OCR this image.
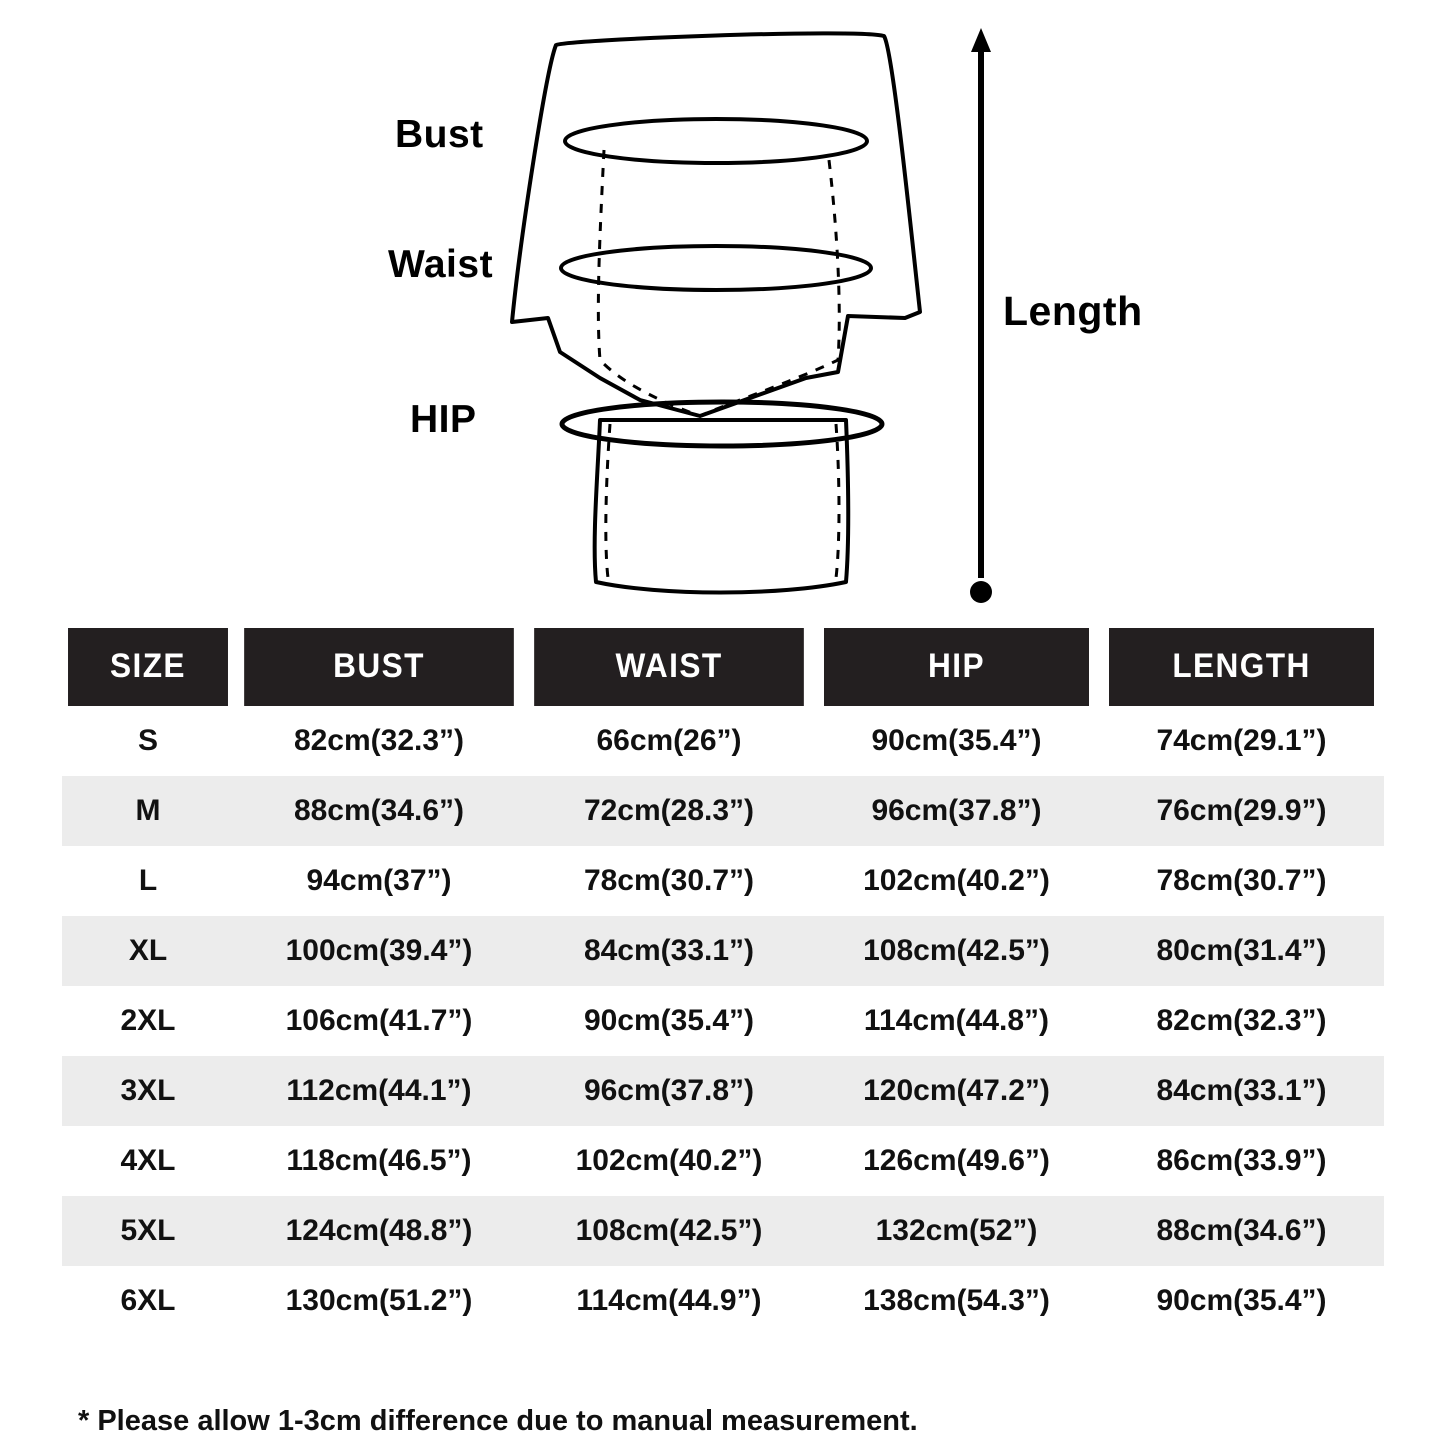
Bust
Waist
HIP
Length
SIZE	BUST	WAIST	HIP	LENGTH
S	82cm(32.3”)	66cm(26”)	90cm(35.4”)	74cm(29.1”)
M	88cm(34.6”)	72cm(28.3”)	96cm(37.8”)	76cm(29.9”)
L	94cm(37”)	78cm(30.7”)	102cm(40.2”)	78cm(30.7”)
XL	100cm(39.4”)	84cm(33.1”)	108cm(42.5”)	80cm(31.4”)
2XL	106cm(41.7”)	90cm(35.4”)	114cm(44.8”)	82cm(32.3”)
3XL	112cm(44.1”)	96cm(37.8”)	120cm(47.2”)	84cm(33.1”)
4XL	118cm(46.5”)	102cm(40.2”)	126cm(49.6”)	86cm(33.9”)
5XL	124cm(48.8”)	108cm(42.5”)	132cm(52”)	88cm(34.6”)
6XL	130cm(51.2”)	114cm(44.9”)	138cm(54.3”)	90cm(35.4”)
* Please allow 1-3cm difference due to manual measurement.
